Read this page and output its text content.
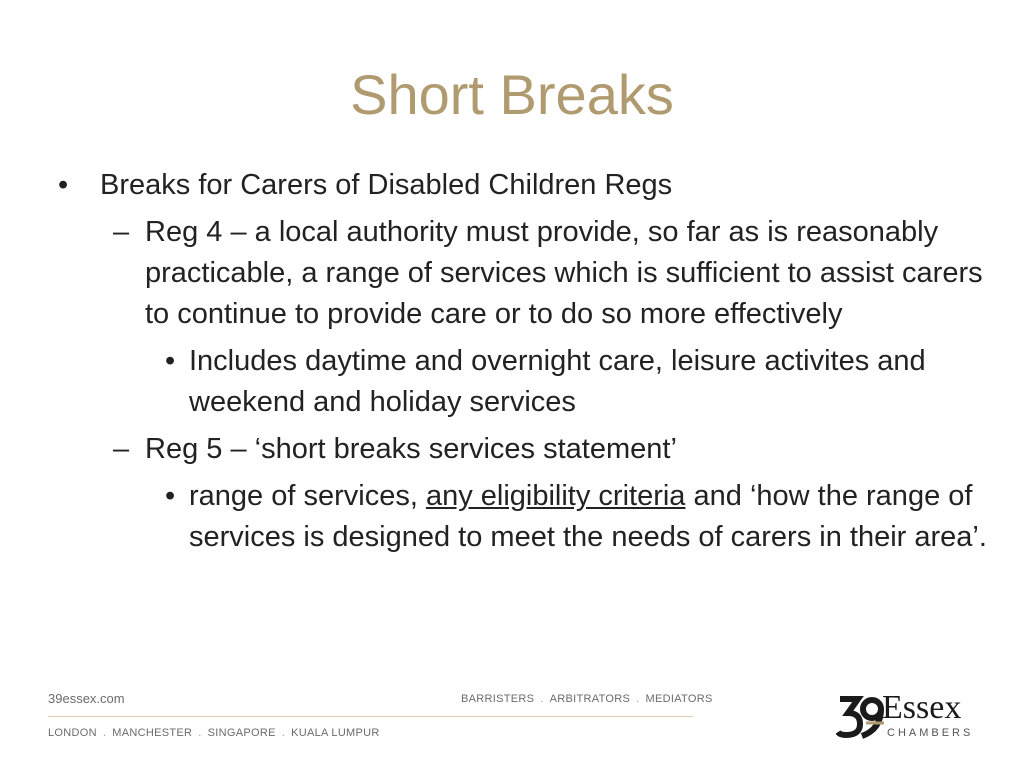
Short Breaks
• Breaks for Carers of Disabled Children Regs
– Reg 4 – a local authority must provide, so far as is reasonably practicable, a range of services which is sufficient to assist carers to continue to provide care or to do so more effectively
• Includes daytime and overnight care, leisure activites and weekend and holiday services
– Reg 5 – ‘short breaks services statement’
• range of services, any eligibility criteria and ‘how the range of services is designed to meet the needs of carers in their area’.
39essex.com	BARRISTERS . ARBITRATORS . MEDIATORS
LONDON . MANCHESTER . SINGAPORE . KUALA LUMPUR
Essex
CHAMBERS
